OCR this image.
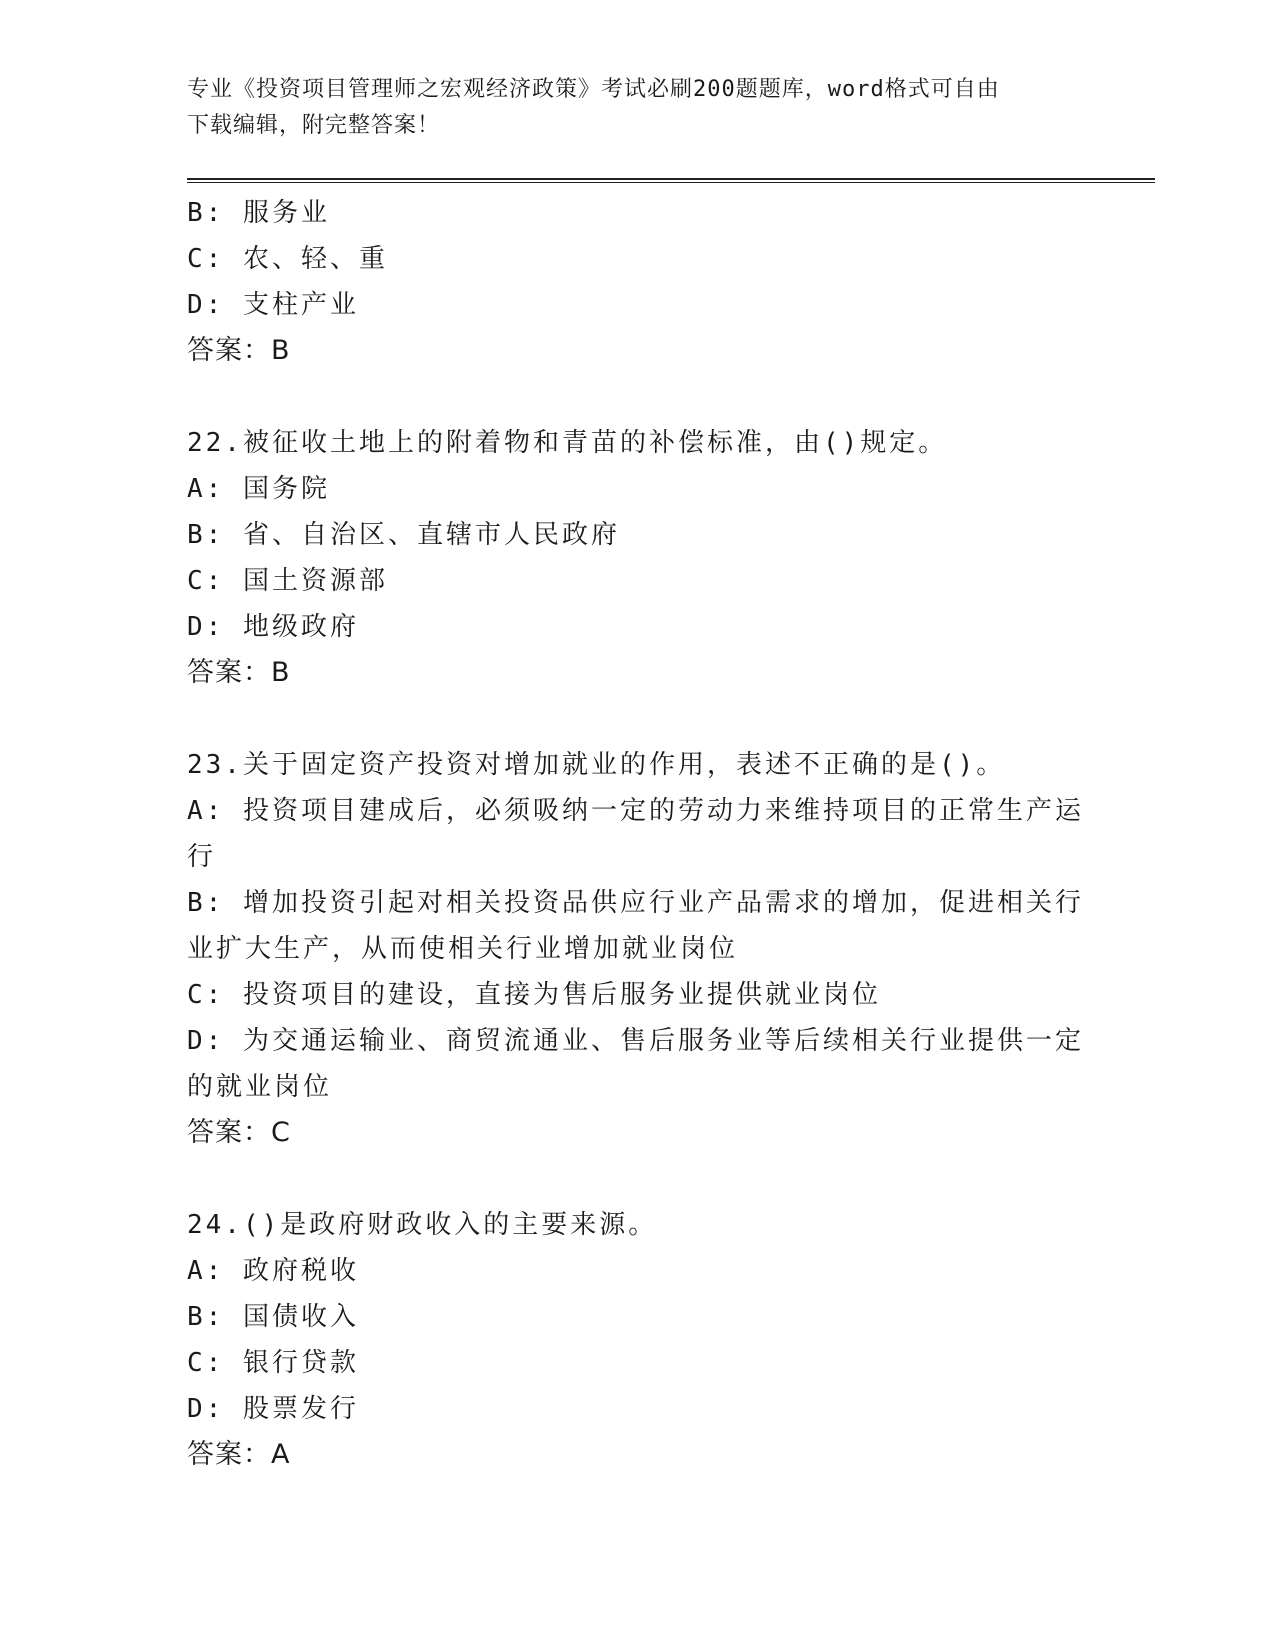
专业《投资项目管理师之宏观经济政策》考试必刷200题题库，word格式可自由
下载编辑，附完整答案！
B: 服务业
C: 农、轻、重
D: 支柱产业
答案：B
22.被征收土地上的附着物和青苗的补偿标准，由()规定。
A: 国务院
B: 省、自治区、直辖市人民政府
C: 国土资源部
D: 地级政府
答案：B
23.关于固定资产投资对增加就业的作用，表述不正确的是()。
A: 投资项目建成后，必须吸纳一定的劳动力来维持项目的正常生产运行
B: 增加投资引起对相关投资品供应行业产品需求的增加，促进相关行业扩大生产，从而使相关行业增加就业岗位
C: 投资项目的建设，直接为售后服务业提供就业岗位
D: 为交通运输业、商贸流通业、售后服务业等后续相关行业提供一定的就业岗位
答案：C
24.()是政府财政收入的主要来源。
A: 政府税收
B: 国债收入
C: 银行贷款
D: 股票发行
答案：A
